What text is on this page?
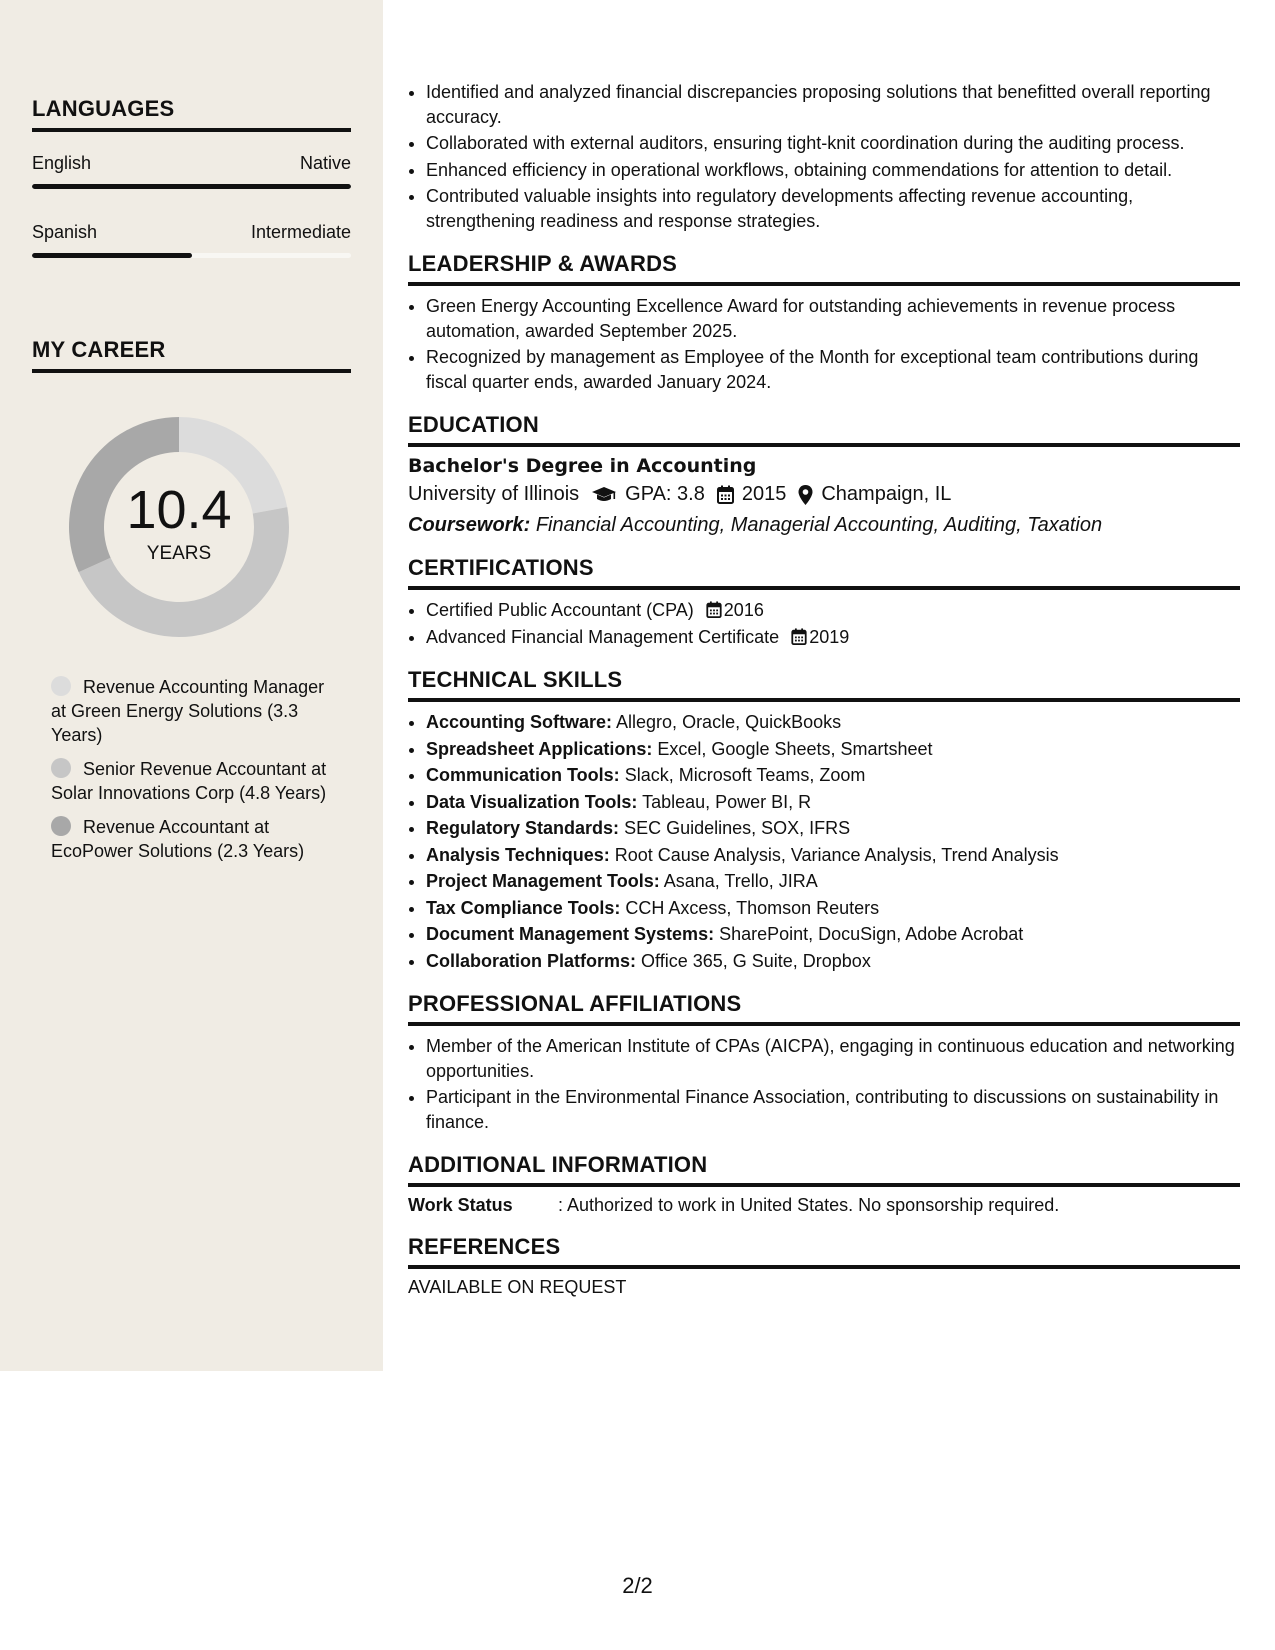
LANGUAGES
English	Native
Spanish	Intermediate
MY CAREER
10.4
YEARS
Revenue Accounting Manager at Green Energy Solutions (3.3 Years)
Senior Revenue Accountant at Solar Innovations Corp (4.8 Years)
Revenue Accountant at EcoPower Solutions (2.3 Years)
• Identified and analyzed financial discrepancies proposing solutions that benefitted overall reporting accuracy.
• Collaborated with external auditors, ensuring tight-knit coordination during the auditing process.
• Enhanced efficiency in operational workflows, obtaining commendations for attention to detail.
• Contributed valuable insights into regulatory developments affecting revenue accounting, strengthening readiness and response strategies.
LEADERSHIP & AWARDS
• Green Energy Accounting Excellence Award for outstanding achievements in revenue process automation, awarded September 2025.
• Recognized by management as Employee of the Month for exceptional team contributions during fiscal quarter ends, awarded January 2024.
EDUCATION
Bachelor's Degree in Accounting
University of Illinois GPA: 3.8 2015 Champaign, IL
Coursework: Financial Accounting, Managerial Accounting, Auditing, Taxation
CERTIFICATIONS
• Certified Public Accountant (CPA) 2016
• Advanced Financial Management Certificate 2019
TECHNICAL SKILLS
• Accounting Software: Allegro, Oracle, QuickBooks
• Spreadsheet Applications: Excel, Google Sheets, Smartsheet
• Communication Tools: Slack, Microsoft Teams, Zoom
• Data Visualization Tools: Tableau, Power BI, R
• Regulatory Standards: SEC Guidelines, SOX, IFRS
• Analysis Techniques: Root Cause Analysis, Variance Analysis, Trend Analysis
• Project Management Tools: Asana, Trello, JIRA
• Tax Compliance Tools: CCH Axcess, Thomson Reuters
• Document Management Systems: SharePoint, DocuSign, Adobe Acrobat
• Collaboration Platforms: Office 365, G Suite, Dropbox
PROFESSIONAL AFFILIATIONS
• Member of the American Institute of CPAs (AICPA), engaging in continuous education and networking opportunities.
• Participant in the Environmental Finance Association, contributing to discussions on sustainability in finance.
ADDITIONAL INFORMATION
Work Status	: Authorized to work in United States. No sponsorship required.
REFERENCES
AVAILABLE ON REQUEST
2/2
